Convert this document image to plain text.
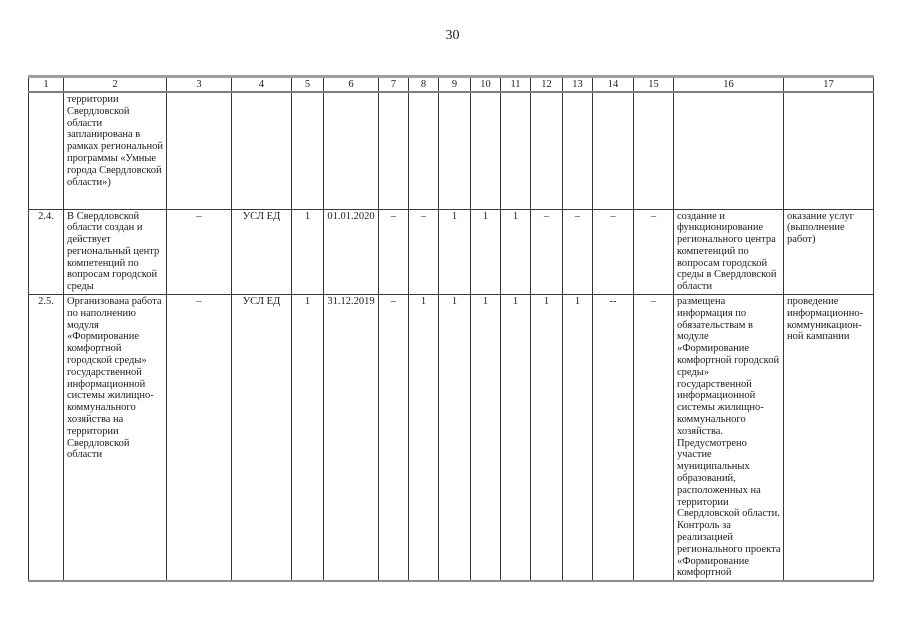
30
1	2	3	4	5	6	7	8	9	10	11	12	13	14	15	16	17
	территории Свердловской области запланирована в рамках региональной программы «Умные города Свердловской области»)															
2.4.	В Свердловской области создан и действует региональный центр компетенций по вопросам городской среды	–	УСЛ ЕД	1	01.01.2020	–	–	1	1	1	–	–	–	–	создание и функционирование регионального центра компетенций по вопросам городской среды в Свердловской области	оказание услуг (выполнение работ)
2.5.	Организована работа по наполнению модуля «Формирование комфортной городской среды» государственной информационной системы жилищно-коммунального хозяйства на территории Свердловской области	–	УСЛ ЕД	1	31.12.2019	–	1	1	1	1	1	1	--	–	размещена информация по обязательствам в модуле «Формирование комфортной городской среды» государственной информационной системы жилищно-коммунального хозяйства. Предусмотрено участие муниципальных образований, расположенных на территории Свердловской области. Контроль за реализацией регионального проекта «Формирование комфортной	проведение информационно-коммуникацион-ной кампании
